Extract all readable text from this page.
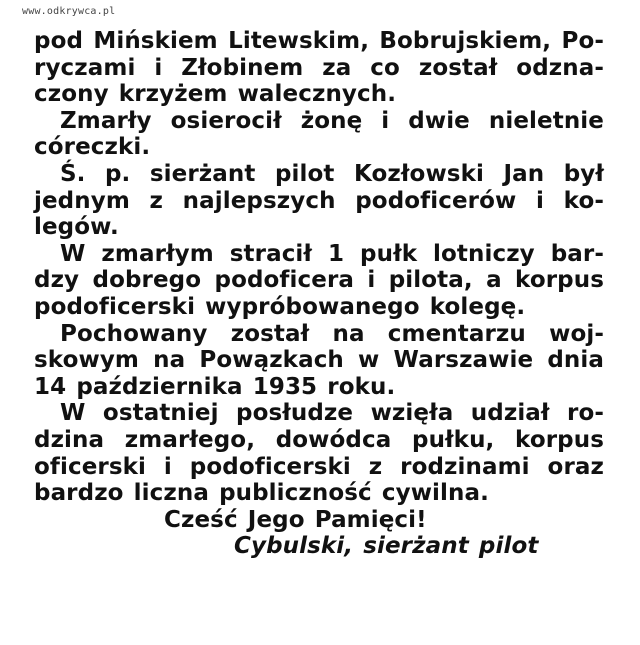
www.odkrywca.pl
pod Mińskiem Litewskim, Bobrujskiem, Po-
ryczami i Złobinem za co został odzna-
czony krzyżem walecznych.
Zmarły osierocił żonę i dwie nieletnie
córeczki.
Ś. p. sierżant pilot Kozłowski Jan był
jednym z najlepszych podoficerów i ko-
legów.
W zmarłym stracił 1 pułk lotniczy bar-
dzy dobrego podoficera i pilota, a korpus
podoficerski wypróbowanego kolegę.
Pochowany został na cmentarzu woj-
skowym na Powązkach w Warszawie dnia
14 października 1935 roku.
W ostatniej posłudze wzięła udział ro-
dzina zmarłego, dowódca pułku, korpus
oficerski i podoficerski z rodzinami oraz
bardzo liczna publiczność cywilna.
Cześć Jego Pamięci!
Cybulski, sierżant pilot
